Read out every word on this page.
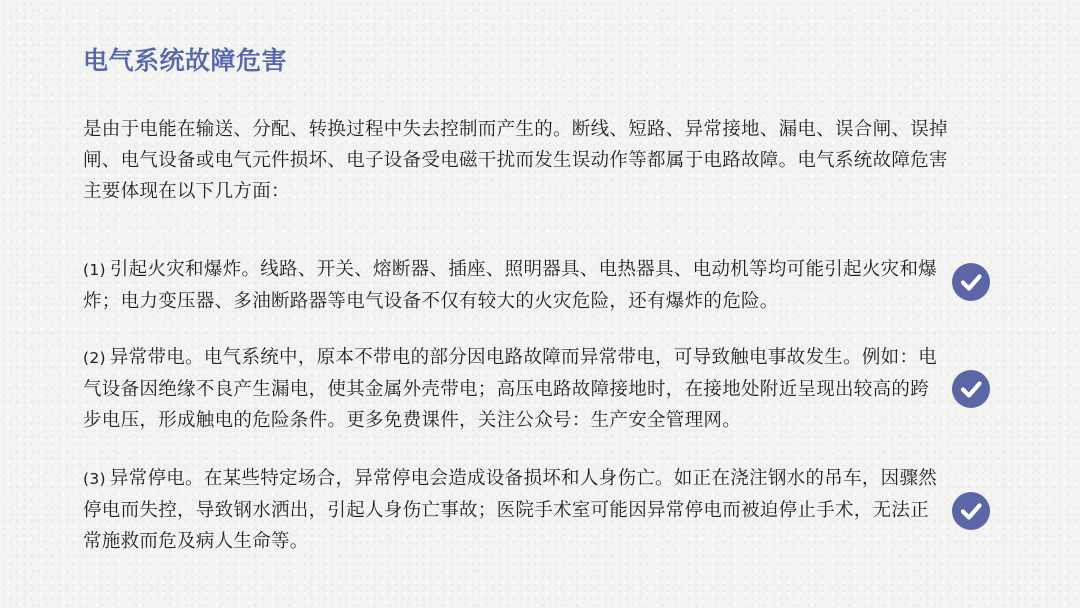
电气系统故障危害
是由于电能在输送、分配、转换过程中失去控制而产生的。断线、短路、异常接地、漏电、误合闸、误掉闸、电气设备或电气元件损坏、电子设备受电磁干扰而发生误动作等都属于电路故障。电气系统故障危害主要体现在以下几方面：
(1) 引起火灾和爆炸。线路、开关、熔断器、插座、照明器具、电热器具、电动机等均可能引起火灾和爆炸；电力变压器、多油断路器等电气设备不仅有较大的火灾危险，还有爆炸的危险。
(2) 异常带电。电气系统中，原本不带电的部分因电路故障而异常带电，可导致触电事故发生。例如：电气设备因绝缘不良产生漏电，使其金属外壳带电；高压电路故障接地时，在接地处附近呈现出较高的跨步电压，形成触电的危险条件。更多免费课件，关注公众号：生产安全管理网。
(3) 异常停电。在某些特定场合，异常停电会造成设备损坏和人身伤亡。如正在浇注钢水的吊车，因骤然停电而失控，导致钢水洒出，引起人身伤亡事故；医院手术室可能因异常停电而被迫停止手术，无法正常施救而危及病人生命等。
